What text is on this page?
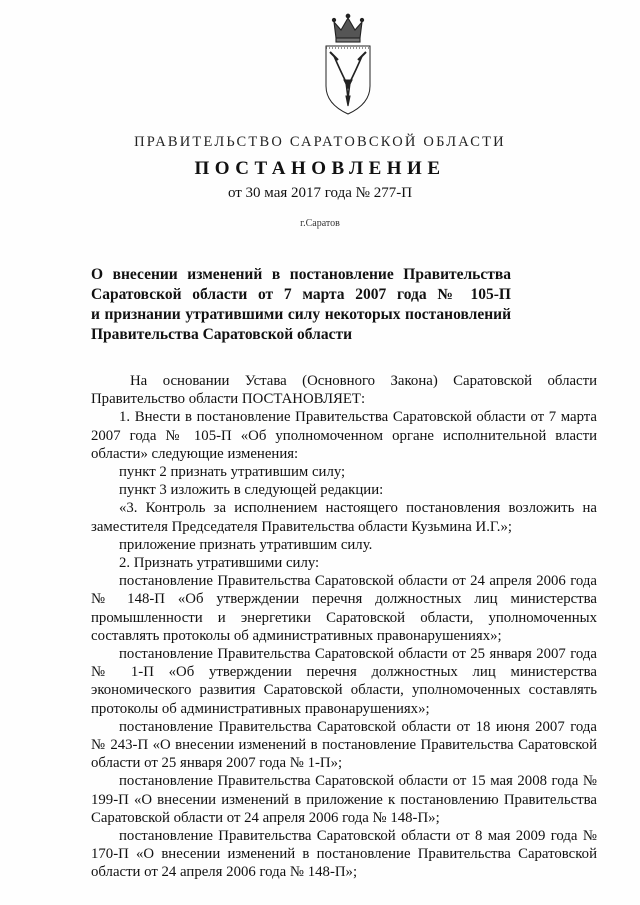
ПРАВИТЕЛЬСТВО САРАТОВСКОЙ ОБЛАСТИ
ПОСТАНОВЛЕНИЕ
от 30 мая 2017 года № 277-П
г.Саратов
О внесении изменений в постановление Правительства
Саратовской области от 7 марта 2007 года № 105-П
и признании утратившими силу некоторых постановлений
Правительства Саратовской области

На основании Устава (Основного Закона) Саратовской области Правительство области ПОСТАНОВЛЯЕТ:

1. Внести в постановление Правительства Саратовской области от 7 марта 2007 года № 105-П «Об уполномоченном органе исполнительной власти области» следующие изменения:

пункт 2 признать утратившим силу;

пункт 3 изложить в следующей редакции:

«3. Контроль за исполнением настоящего постановления возложить на заместителя Председателя Правительства области Кузьмина И.Г.»;

приложение признать утратившим силу.

2. Признать утратившими силу:

постановление Правительства Саратовской области от 24 апреля 2006 года № 148-П «Об утверждении перечня должностных лиц министерства промышленности и энергетики Саратовской области, уполномоченных составлять протоколы об административных правонарушениях»;

постановление Правительства Саратовской области от 25 января 2007 года № 1-П «Об утверждении перечня должностных лиц министерства экономического развития Саратовской области, уполномоченных составлять протоколы об административных правонарушениях»;

постановление Правительства Саратовской области от 18 июня 2007 года № 243-П «О внесении изменений в постановление Правительства Саратовской области от 25 января 2007 года № 1-П»;

постановление Правительства Саратовской области от 15 мая 2008 года № 199-П «О внесении изменений в приложение к постановлению Правительства Саратовской области от 24 апреля 2006 года № 148-П»;

постановление Правительства Саратовской области от 8 мая 2009 года № 170-П «О внесении изменений в постановление Правительства Саратовской области от 24 апреля 2006 года № 148-П»;
